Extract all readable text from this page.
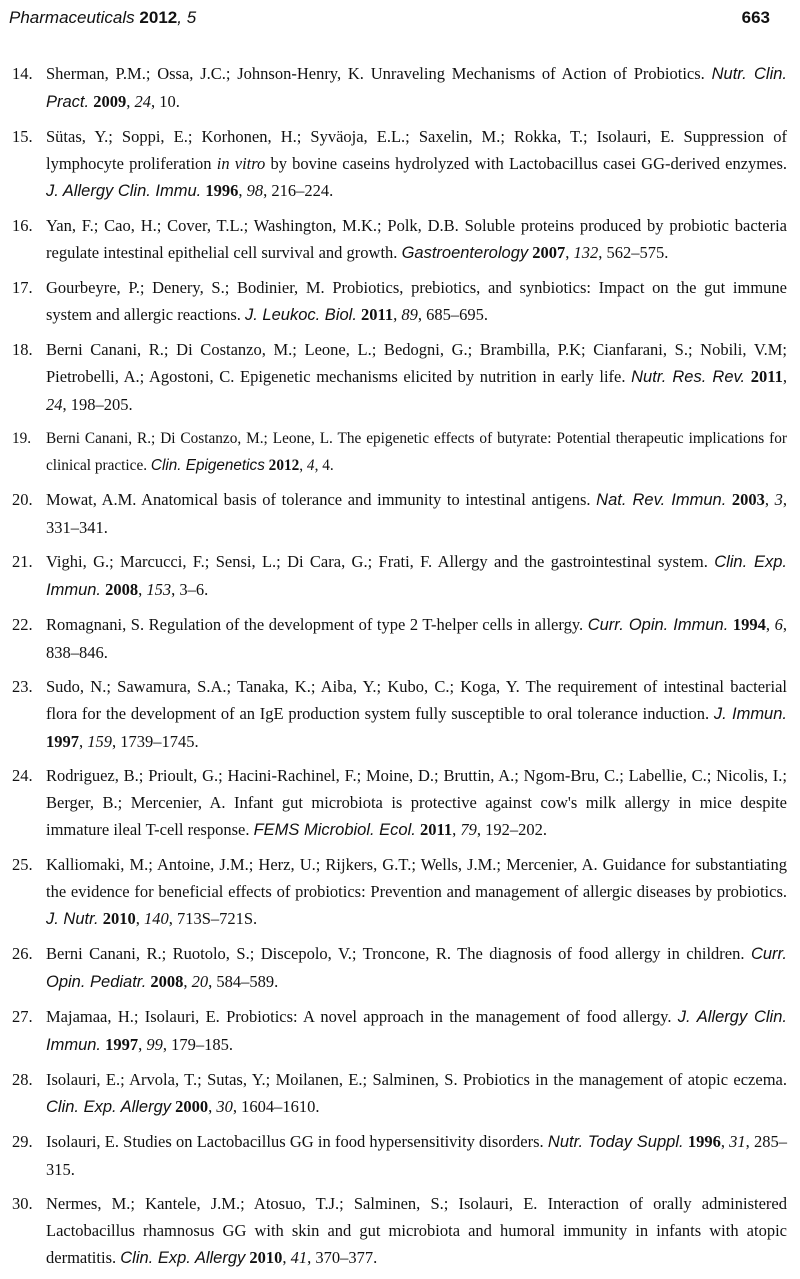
Pharmaceuticals 2012, 5	663
14. Sherman, P.M.; Ossa, J.C.; Johnson-Henry, K. Unraveling Mechanisms of Action of Probiotics. Nutr. Clin. Pract. 2009, 24, 10.
15. Sütas, Y.; Soppi, E.; Korhonen, H.; Syväoja, E.L.; Saxelin, M.; Rokka, T.; Isolauri, E. Suppression of lymphocyte proliferation in vitro by bovine caseins hydrolyzed with Lactobacillus casei GG-derived enzymes. J. Allergy Clin. Immu. 1996, 98, 216–224.
16. Yan, F.; Cao, H.; Cover, T.L.; Washington, M.K.; Polk, D.B. Soluble proteins produced by probiotic bacteria regulate intestinal epithelial cell survival and growth. Gastroenterology 2007, 132, 562–575.
17. Gourbeyre, P.; Denery, S.; Bodinier, M. Probiotics, prebiotics, and synbiotics: Impact on the gut immune system and allergic reactions. J. Leukoc. Biol. 2011, 89, 685–695.
18. Berni Canani, R.; Di Costanzo, M.; Leone, L.; Bedogni, G.; Brambilla, P.K; Cianfarani, S.; Nobili, V.M; Pietrobelli, A.; Agostoni, C. Epigenetic mechanisms elicited by nutrition in early life. Nutr. Res. Rev. 2011, 24, 198–205.
19. Berni Canani, R.; Di Costanzo, M.; Leone, L. The epigenetic effects of butyrate: Potential therapeutic implications for clinical practice. Clin. Epigenetics 2012, 4, 4.
20. Mowat, A.M. Anatomical basis of tolerance and immunity to intestinal antigens. Nat. Rev. Immun. 2003, 3, 331–341.
21. Vighi, G.; Marcucci, F.; Sensi, L.; Di Cara, G.; Frati, F. Allergy and the gastrointestinal system. Clin. Exp. Immun. 2008, 153, 3–6.
22. Romagnani, S. Regulation of the development of type 2 T-helper cells in allergy. Curr. Opin. Immun. 1994, 6, 838–846.
23. Sudo, N.; Sawamura, S.A.; Tanaka, K.; Aiba, Y.; Kubo, C.; Koga, Y. The requirement of intestinal bacterial flora for the development of an IgE production system fully susceptible to oral tolerance induction. J. Immun. 1997, 159, 1739–1745.
24. Rodriguez, B.; Prioult, G.; Hacini-Rachinel, F.; Moine, D.; Bruttin, A.; Ngom-Bru, C.; Labellie, C.; Nicolis, I.; Berger, B.; Mercenier, A. Infant gut microbiota is protective against cow's milk allergy in mice despite immature ileal T-cell response. FEMS Microbiol. Ecol. 2011, 79, 192–202.
25. Kalliomaki, M.; Antoine, J.M.; Herz, U.; Rijkers, G.T.; Wells, J.M.; Mercenier, A. Guidance for substantiating the evidence for beneficial effects of probiotics: Prevention and management of allergic diseases by probiotics. J. Nutr. 2010, 140, 713S–721S.
26. Berni Canani, R.; Ruotolo, S.; Discepolo, V.; Troncone, R. The diagnosis of food allergy in children. Curr. Opin. Pediatr. 2008, 20, 584–589.
27. Majamaa, H.; Isolauri, E. Probiotics: A novel approach in the management of food allergy. J. Allergy Clin. Immun. 1997, 99, 179–185.
28. Isolauri, E.; Arvola, T.; Sutas, Y.; Moilanen, E.; Salminen, S. Probiotics in the management of atopic eczema. Clin. Exp. Allergy 2000, 30, 1604–1610.
29. Isolauri, E. Studies on Lactobacillus GG in food hypersensitivity disorders. Nutr. Today Suppl. 1996, 31, 285–315.
30. Nermes, M.; Kantele, J.M.; Atosuo, T.J.; Salminen, S.; Isolauri, E. Interaction of orally administered Lactobacillus rhamnosus GG with skin and gut microbiota and humoral immunity in infants with atopic dermatitis. Clin. Exp. Allergy 2010, 41, 370–377.
